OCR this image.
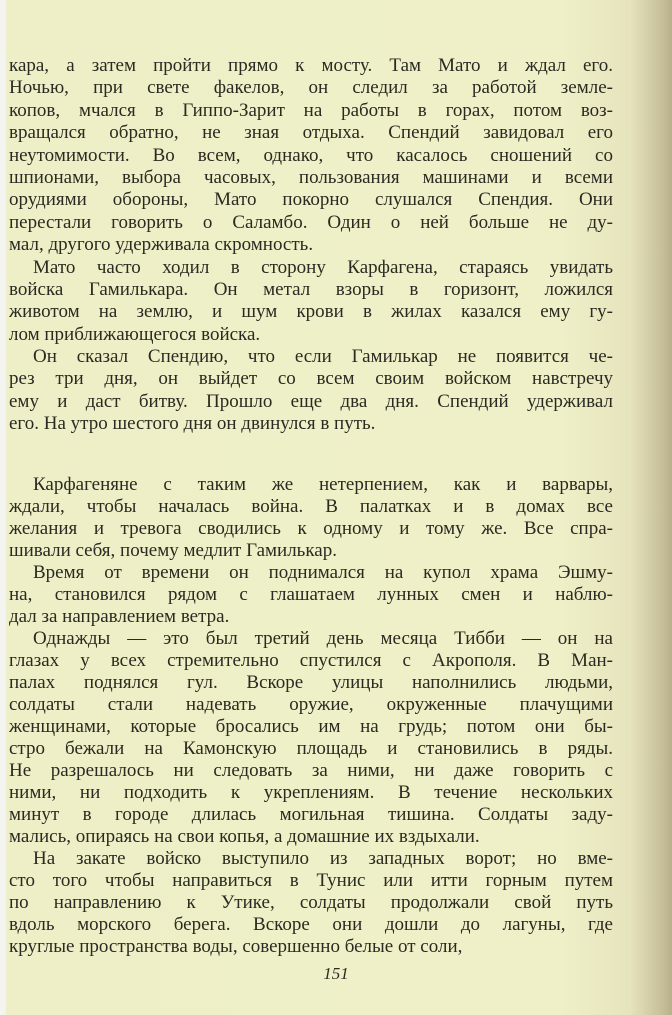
кара, а затем пройти прямо к мосту. Там Мато и ждал его.
Ночью, при свете факелов, он следил за работой земле-
копов, мчался в Гиппо-Зарит на работы в горах, потом воз-
вращался обратно, не зная отдыха. Спендий завидовал его
неутомимости. Во всем, однако, что касалось сношений со
шпионами, выбора часовых, пользования машинами и всеми
орудиями обороны, Мато покорно слушался Спендия. Они
перестали говорить о Саламбо. Один о ней больше не ду-
мал, другого удерживала скромность.
Мато часто ходил в сторону Карфагена, стараясь увидать
войска Гамилькара. Он метал взоры в горизонт, ложился
животом на землю, и шум крови в жилах казался ему гу-
лом приближающегося войска.
Он сказал Спендию, что если Гамилькар не появится че-
рез три дня, он выйдет со всем своим войском навстречу
ему и даст битву. Прошло еще два дня. Спендий удерживал
его. На утро шестого дня он двинулся в путь.
Карфагеняне с таким же нетерпением, как и варвары,
ждали, чтобы началась война. В палатках и в домах все
желания и тревога сводились к одному и тому же. Все спра-
шивали себя, почему медлит Гамилькар.
Время от времени он поднимался на купол храма Эшму-
на, становился рядом с глашатаем лунных смен и наблю-
дал за направлением ветра.
Однажды — это был третий день месяца Тибби — он на
глазах у всех стремительно спустился с Акрополя. В Ман-
палах поднялся гул. Вскоре улицы наполнились людьми,
солдаты стали надевать оружие, окруженные плачущими
женщинами, которые бросались им на грудь; потом они бы-
стро бежали на Камонскую площадь и становились в ряды.
Не разрешалось ни следовать за ними, ни даже говорить с
ними, ни подходить к укреплениям. В течение нескольких
минут в городе длилась могильная тишина. Солдаты заду-
мались, опираясь на свои копья, а домашние их вздыхали.
На закате войско выступило из западных ворот; но вме-
сто того чтобы направиться в Тунис или итти горным путем
по направлению к Утике, солдаты продолжали свой путь
вдоль морского берега. Вскоре они дошли до лагуны, где
круглые пространства воды, совершенно белые от соли,
151
